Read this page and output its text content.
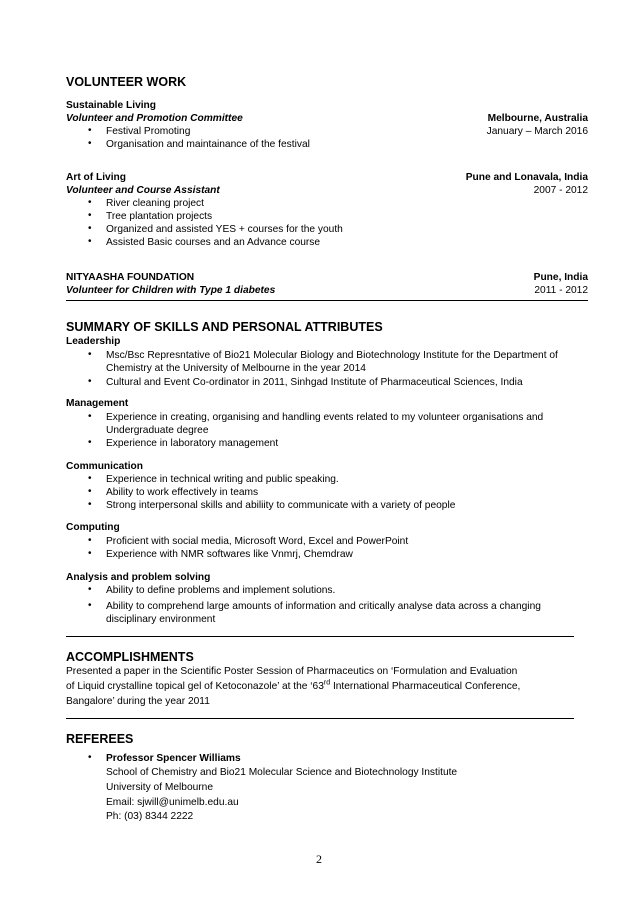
VOLUNTEER WORK
Sustainable Living
Volunteer and Promotion Committee	Melbourne, Australia
January – March 2016
• Festival Promoting
• Organisation and maintainance of the festival
Art of Living	Pune and Lonavala, India
Volunteer and Course Assistant	2007 - 2012
• River cleaning project
• Tree plantation projects
• Organized and assisted YES + courses for the youth
• Assisted Basic courses and an Advance course
NITYAASHA FOUNDATION	Pune, India
Volunteer for Children with Type 1 diabetes	2011 - 2012
SUMMARY OF SKILLS AND PERSONAL ATTRIBUTES
Leadership
• Msc/Bsc Represntative of Bio21 Molecular Biology and Biotechnology Institute for the Department of
Chemistry at the University of Melbourne in the year 2014
• Cultural and Event Co-ordinator in 2011, Sinhgad Institute of Pharmaceutical Sciences, India
Management
• Experience in creating, organising and handling events related to my volunteer organisations and
Undergraduate degree
• Experience in laboratory management
Communication
• Experience in technical writing and public speaking.
• Ability to work effectively in teams
• Strong interpersonal skills and abiliity to communicate with a variety of people
Computing
• Proficient with social media, Microsoft Word, Excel and PowerPoint
• Experience with NMR softwares like Vnmrj, Chemdraw
Analysis and problem solving
• Ability to define problems and implement solutions.
• Ability to comprehend large amounts of information and critically analyse data across a changing
disciplinary environment
ACCOMPLISHMENTS
Presented a paper in the Scientific Poster Session of Pharmaceutics on ‘Formulation and Evaluation
of Liquid crystalline topical gel of Ketoconazole’ at the ‘63rd International Pharmaceutical Conference,
Bangalore’ during the year 2011
REFEREES
• Professor Spencer Williams
School of Chemistry and Bio21 Molecular Science and Biotechnology Institute
University of Melbourne
Email: sjwill@unimelb.edu.au
Ph: (03) 8344 2222
2
